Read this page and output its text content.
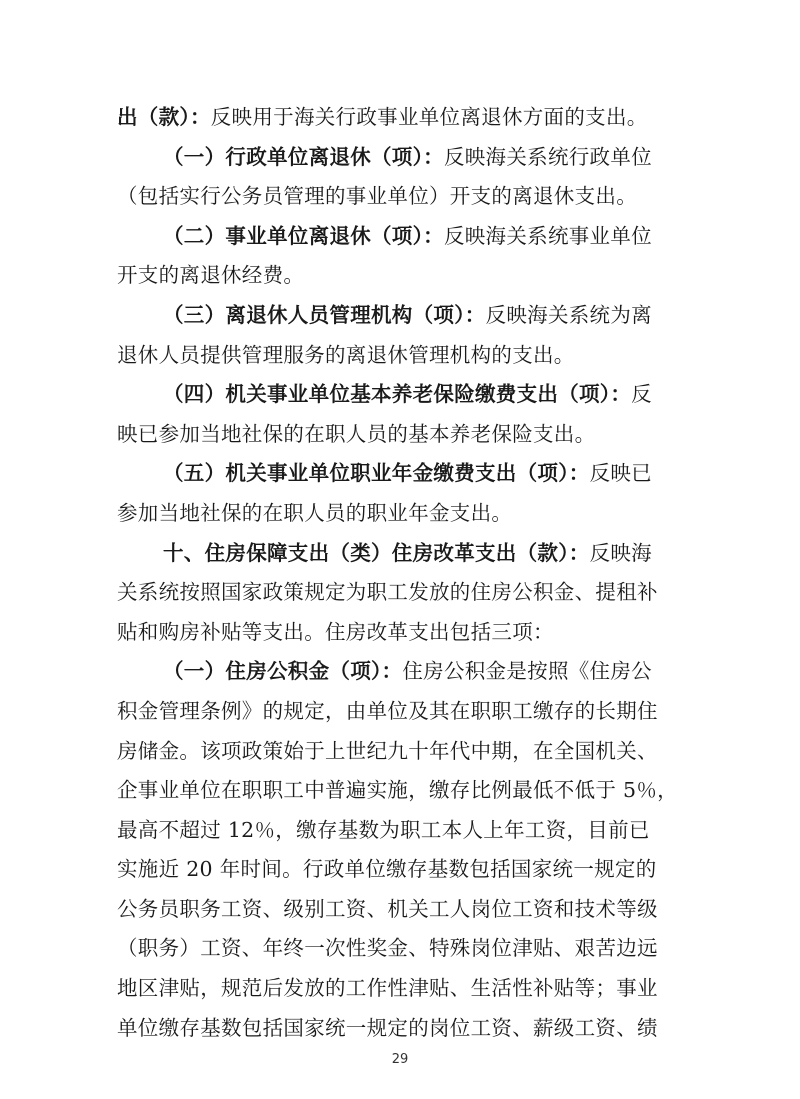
出（款）：反映用于海关行政事业单位离退休方面的支出。
（一）行政单位离退休（项）：反映海关系统行政单位
（包括实行公务员管理的事业单位）开支的离退休支出。
（二）事业单位离退休（项）：反映海关系统事业单位
开支的离退休经费。
（三）离退休人员管理机构（项）：反映海关系统为离
退休人员提供管理服务的离退休管理机构的支出。
（四）机关事业单位基本养老保险缴费支出（项）：反
映已参加当地社保的在职人员的基本养老保险支出。
（五）机关事业单位职业年金缴费支出（项）：反映已
参加当地社保的在职人员的职业年金支出。
十、住房保障支出（类）住房改革支出（款）：反映海
关系统按照国家政策规定为职工发放的住房公积金、提租补
贴和购房补贴等支出。住房改革支出包括三项：
（一）住房公积金（项）：住房公积金是按照《住房公
积金管理条例》的规定，由单位及其在职职工缴存的长期住
房储金。该项政策始于上世纪九十年代中期，在全国机关、
企事业单位在职职工中普遍实施，缴存比例最低不低于 5％，
最高不超过 12％，缴存基数为职工本人上年工资，目前已
实施近 20 年时间。行政单位缴存基数包括国家统一规定的
公务员职务工资、级别工资、机关工人岗位工资和技术等级
（职务）工资、年终一次性奖金、特殊岗位津贴、艰苦边远
地区津贴，规范后发放的工作性津贴、生活性补贴等；事业
单位缴存基数包括国家统一规定的岗位工资、薪级工资、绩
29
